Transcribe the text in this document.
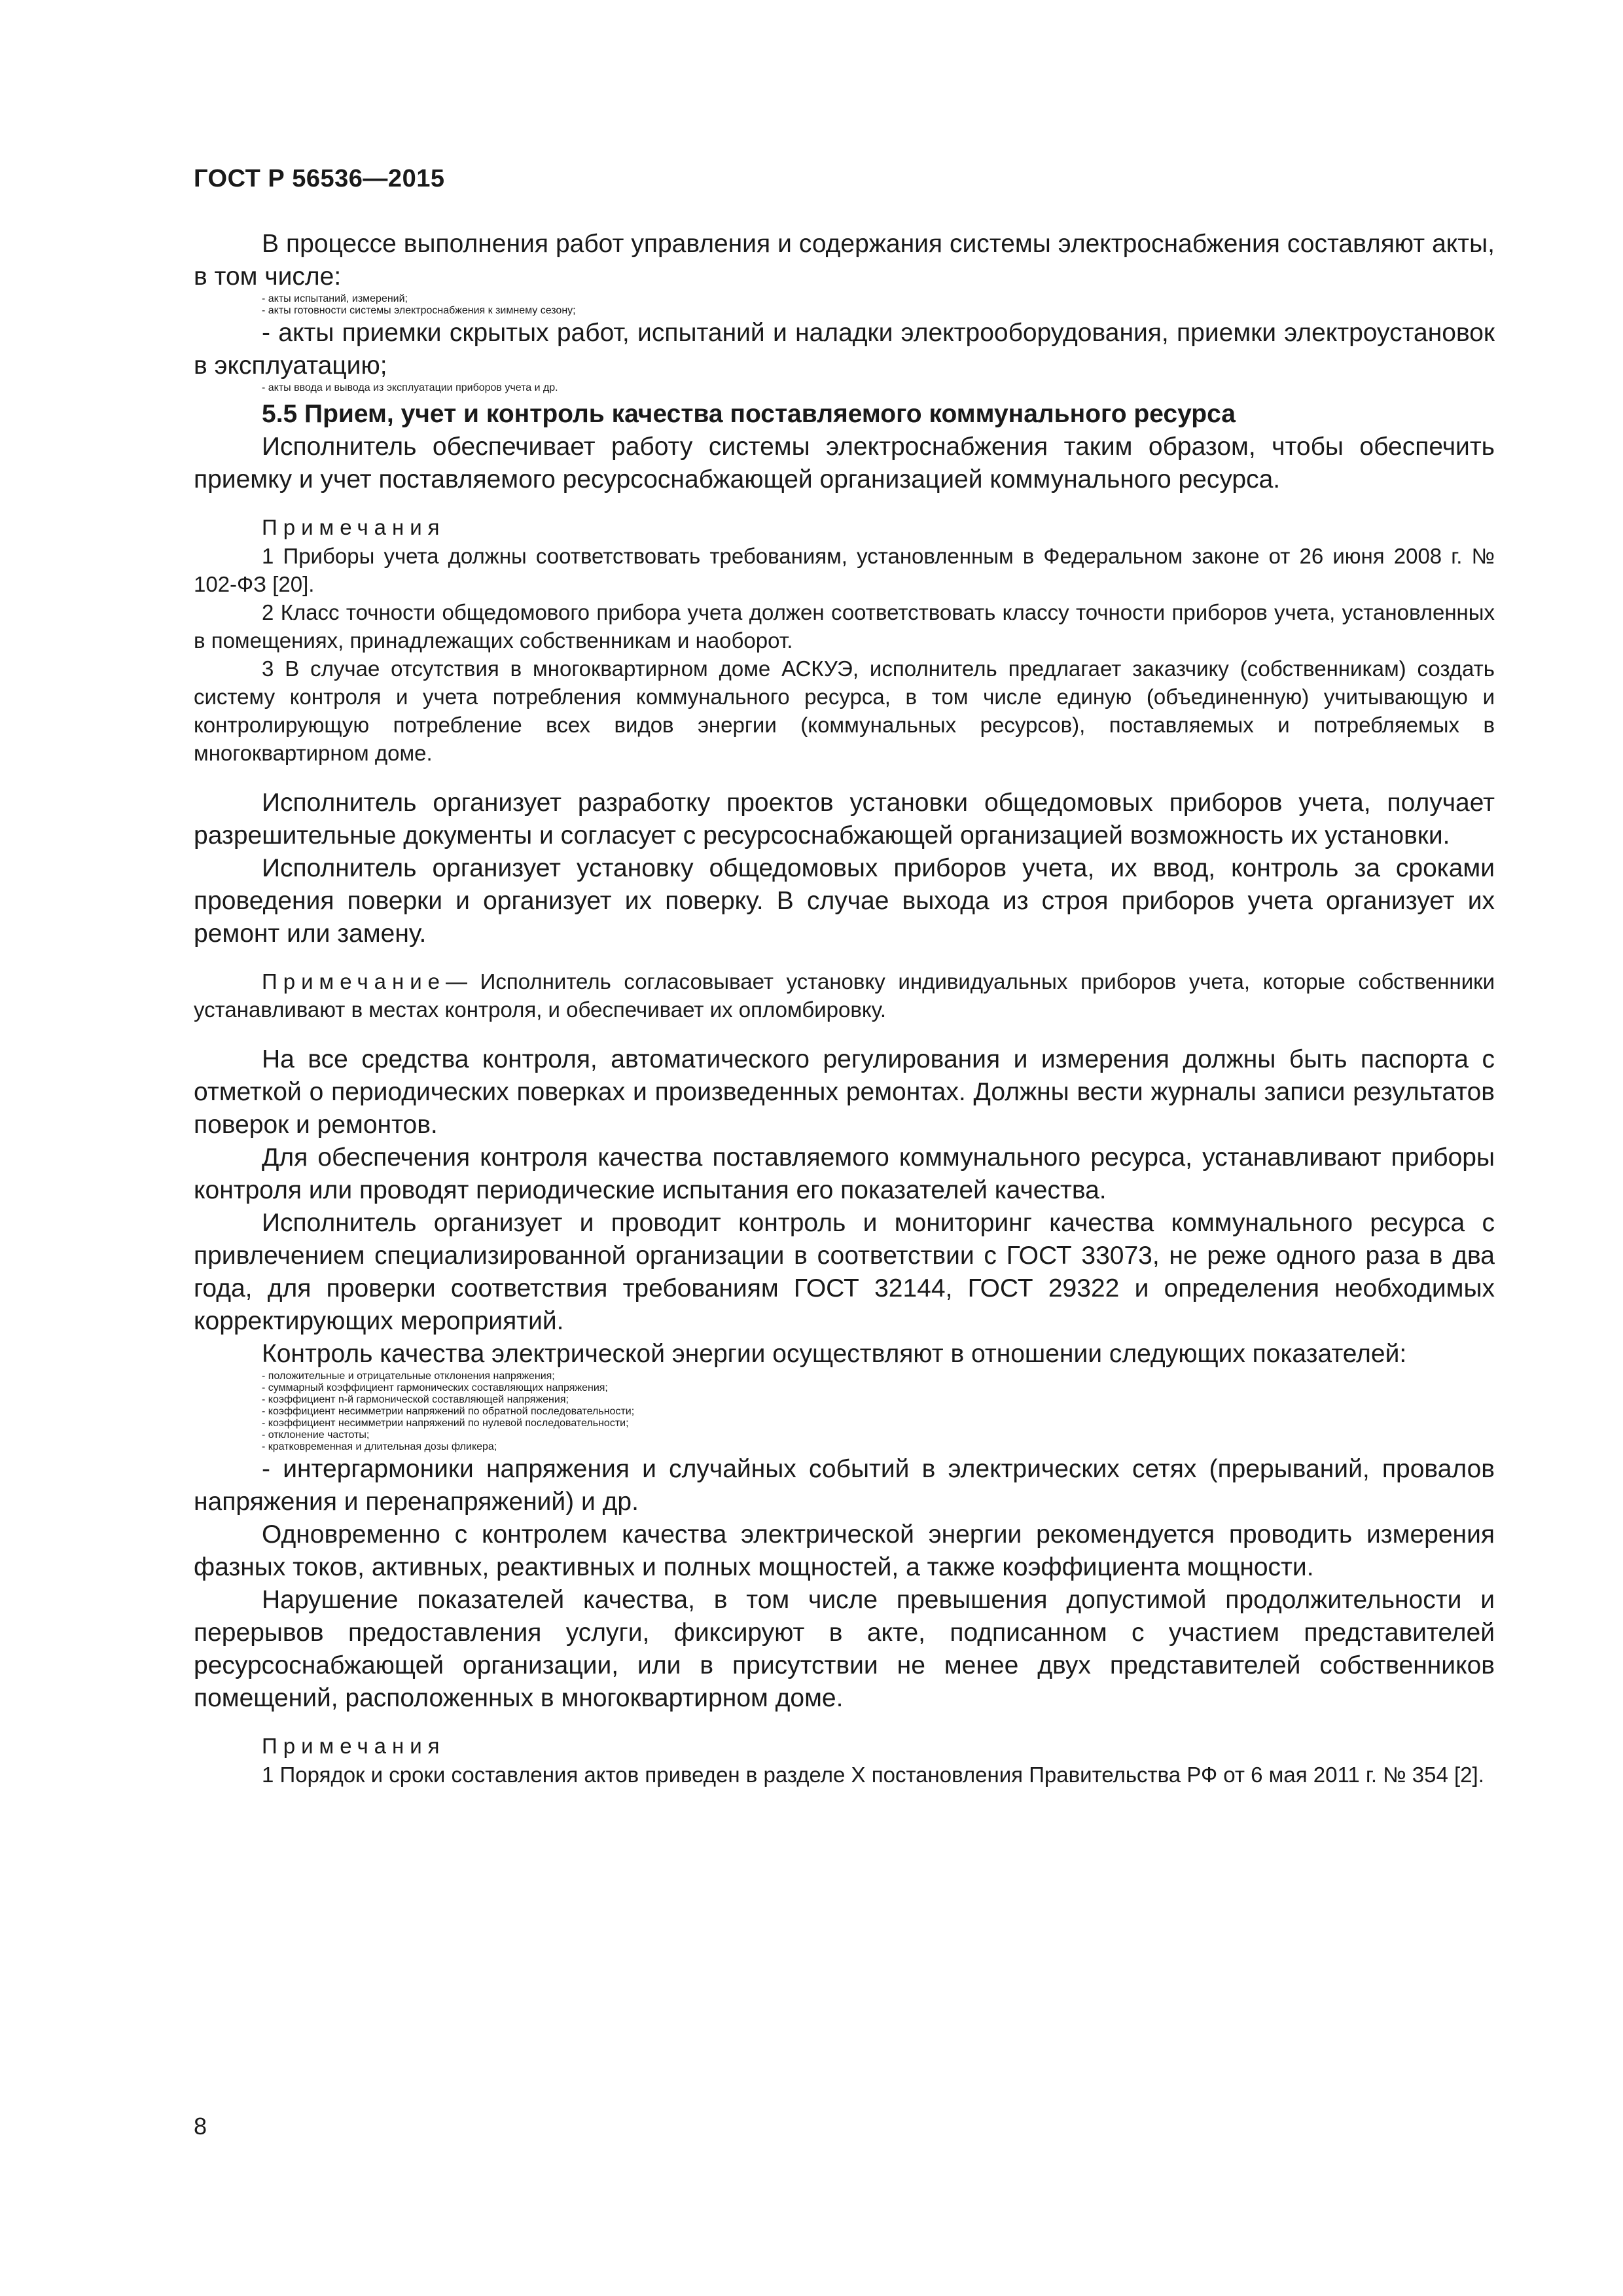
ГОСТ Р 56536—2015

В процессе выполнения работ управления и содержания системы электроснабжения составляют акты, в том числе:

- акты испытаний, измерений;

- акты готовности системы электроснабжения к зимнему сезону;

- акты приемки скрытых работ, испытаний и наладки электрооборудования, приемки электроустановок в эксплуатацию;

- акты ввода и вывода из эксплуатации приборов учета и др.

5.5 Прием, учет и контроль качества поставляемого коммунального ресурса

Исполнитель обеспечивает работу системы электроснабжения таким образом, чтобы обеспечить приемку и учет поставляемого ресурсоснабжающей организацией коммунального ресурса.

Примечания

1 Приборы учета должны соответствовать требованиям, установленным в Федеральном законе от 26 июня 2008 г. № 102-ФЗ [20].

2 Класс точности общедомового прибора учета должен соответствовать классу точности приборов учета, установленных в помещениях, принадлежащих собственникам и наоборот.

3 В случае отсутствия в многоквартирном доме АСКУЭ, исполнитель предлагает заказчику (собственникам) создать систему контроля и учета потребления коммунального ресурса, в том числе единую (объединенную) учитывающую и контролирующую потребление всех видов энергии (коммунальных ресурсов), поставляемых и потребляемых в многоквартирном доме.

Исполнитель организует разработку проектов установки общедомовых приборов учета, получает разрешительные документы и согласует с ресурсоснабжающей организацией возможность их установки.

Исполнитель организует установку общедомовых приборов учета, их ввод, контроль за сроками проведения поверки и организует их поверку. В случае выхода из строя приборов учета организует их ремонт или замену.

Примечание— Исполнитель согласовывает установку индивидуальных приборов учета, которые собственники устанавливают в местах контроля, и обеспечивает их опломбировку.

На все средства контроля, автоматического регулирования и измерения должны быть паспорта с отметкой о периодических поверках и произведенных ремонтах. Должны вести журналы записи результатов поверок и ремонтов.

Для обеспечения контроля качества поставляемого коммунального ресурса, устанавливают приборы контроля или проводят периодические испытания его показателей качества.

Исполнитель организует и проводит контроль и мониторинг качества коммунального ресурса с привлечением специализированной организации в соответствии с ГОСТ 33073, не реже одного раза в два года, для проверки соответствия требованиям ГОСТ 32144, ГОСТ 29322 и определения необходимых корректирующих мероприятий.

Контроль качества электрической энергии осуществляют в отношении следующих показателей:

- положительные и отрицательные отклонения напряжения;

- суммарный коэффициент гармонических составляющих напряжения;

- коэффициент n-й гармонической составляющей напряжения;

- коэффициент несимметрии напряжений по обратной последовательности;

- коэффициент несимметрии напряжений по нулевой последовательности;

- отклонение частоты;

- кратковременная и длительная дозы фликера;

- интергармоники напряжения и случайных событий в электрических сетях (прерываний, провалов напряжения и перенапряжений) и др.

Одновременно с контролем качества электрической энергии рекомендуется проводить измерения фазных токов, активных, реактивных и полных мощностей, а также коэффициента мощности.

Нарушение показателей качества, в том числе превышения допустимой продолжительности и перерывов предоставления услуги, фиксируют в акте, подписанном с участием представителей ресурсоснабжающей организации, или в присутствии не менее двух представителей собственников помещений, расположенных в многоквартирном доме.

Примечания

1 Порядок и сроки составления актов приведен в разделе X постановления Правительства РФ от 6 мая 2011 г. № 354 [2].

8
